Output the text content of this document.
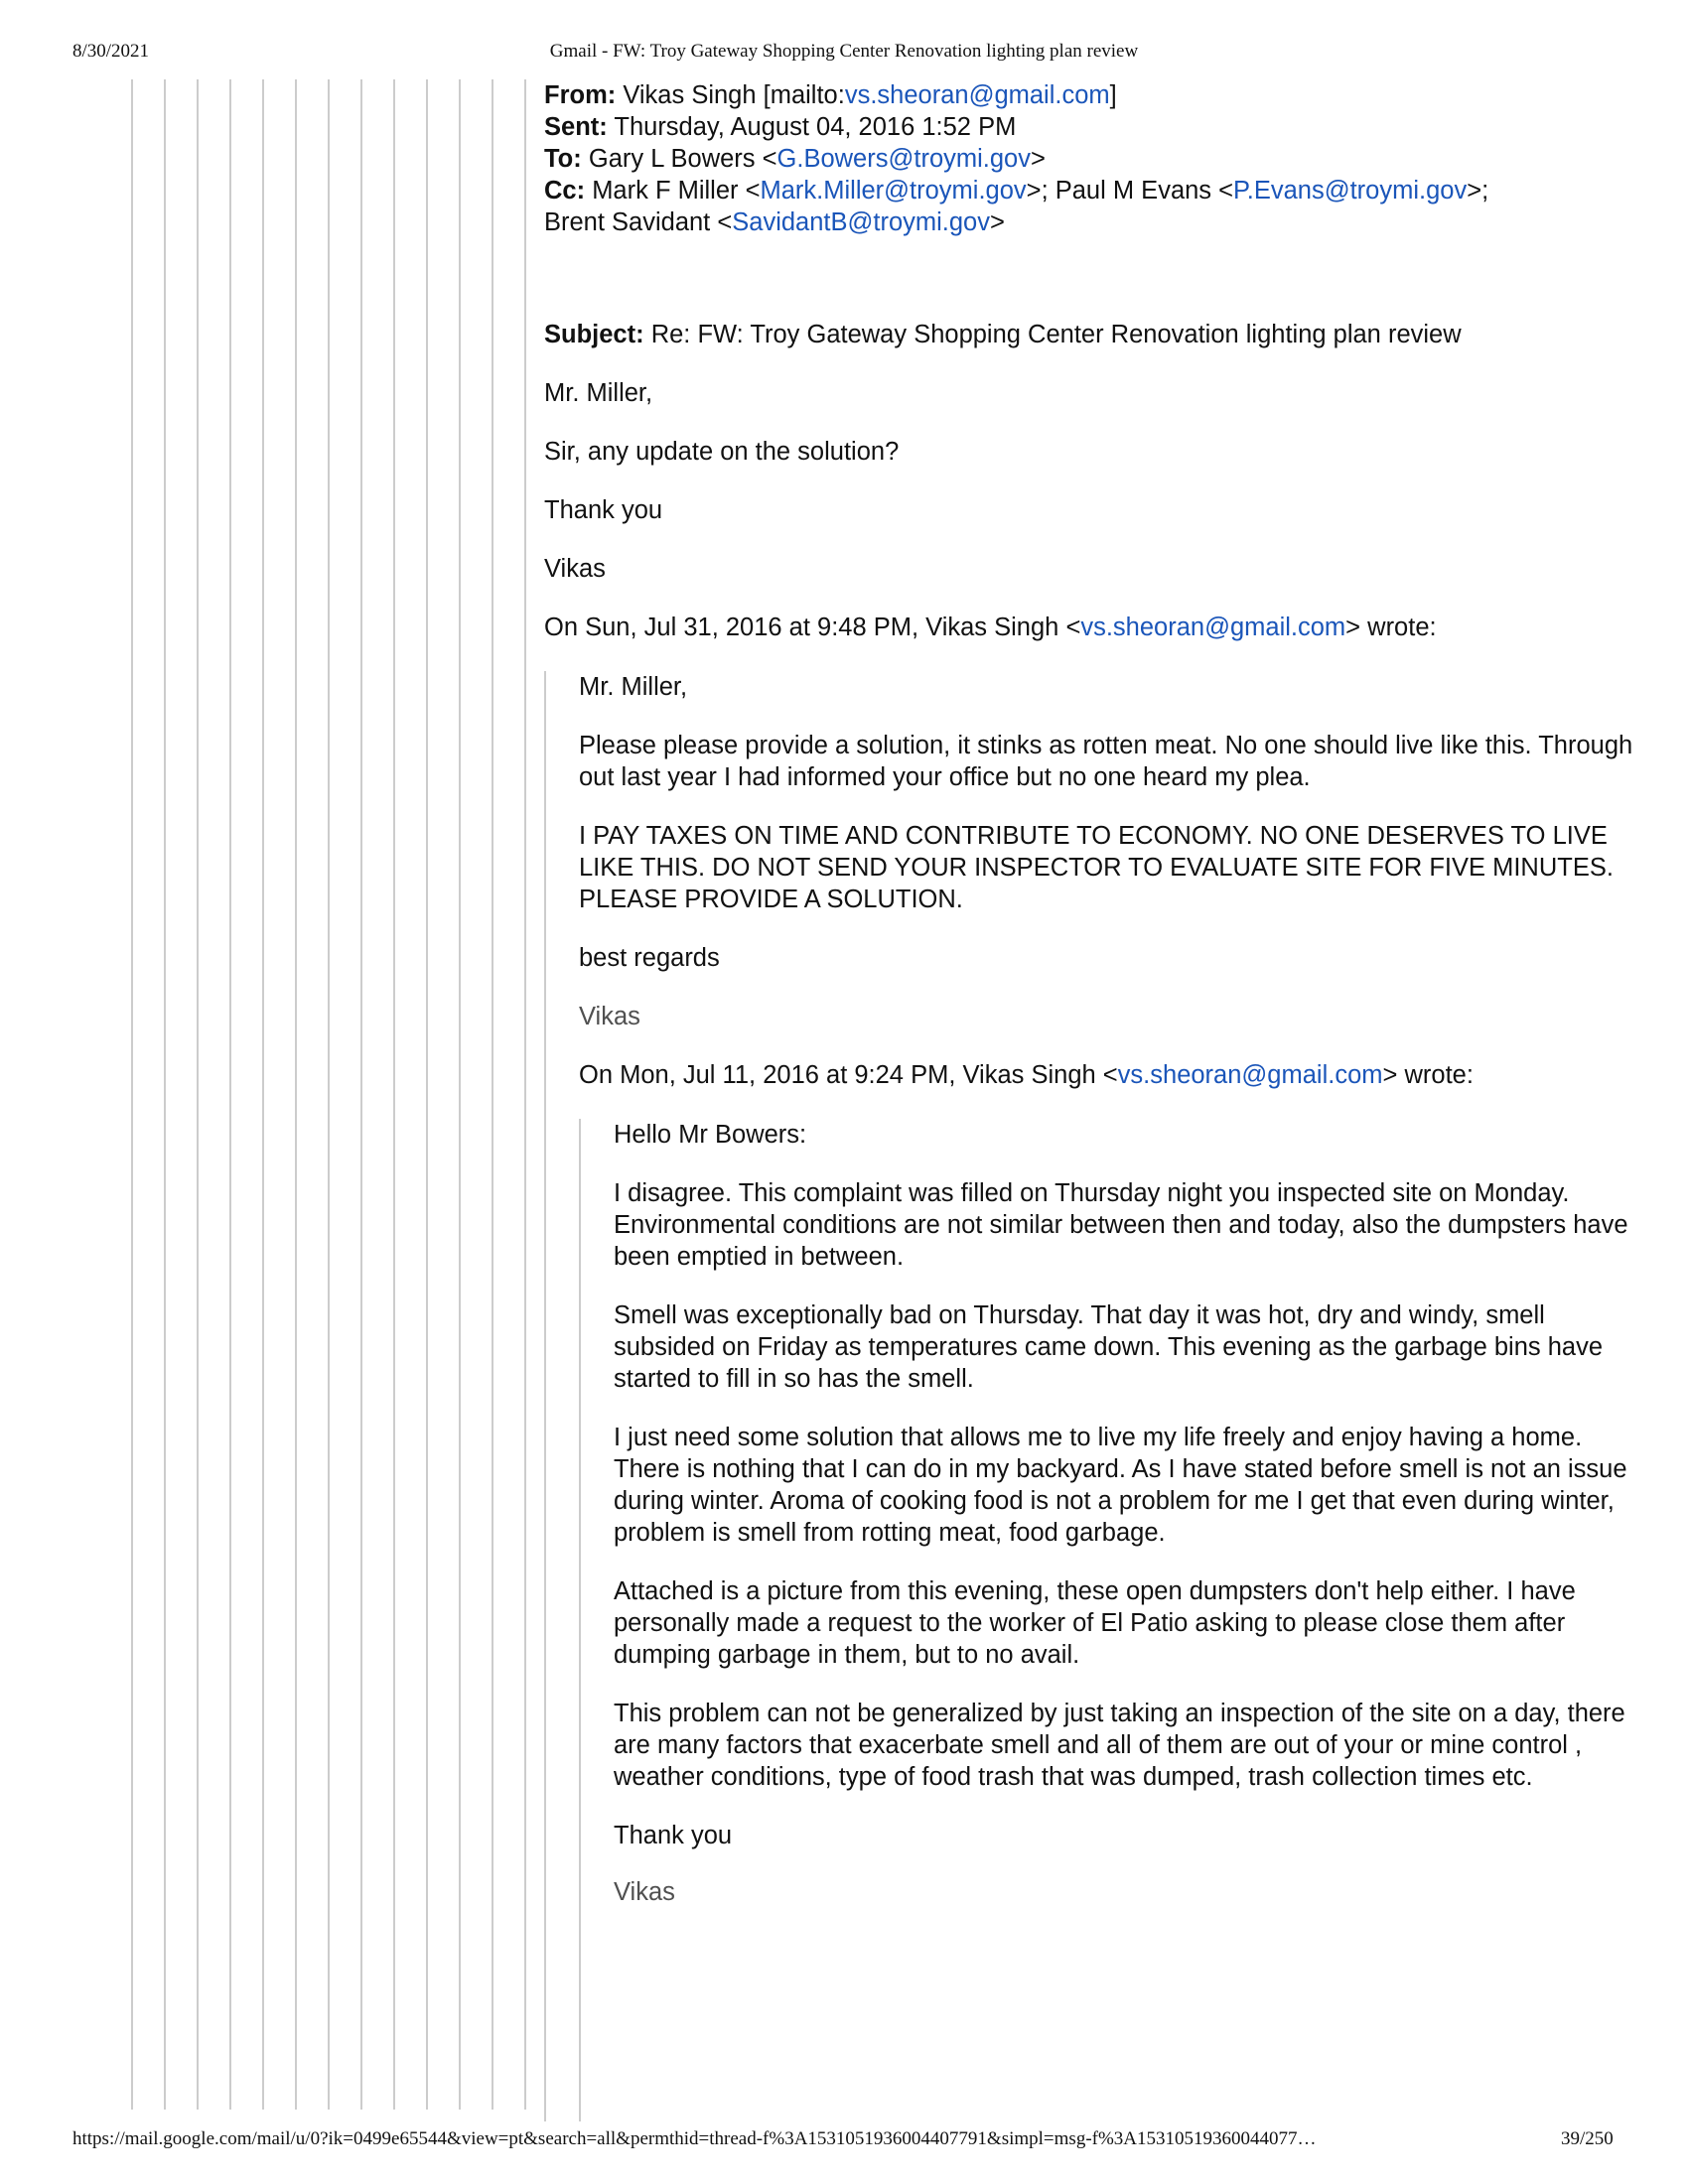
8/30/2021	Gmail - FW: Troy Gateway Shopping Center Renovation lighting plan review

From: Vikas Singh [mailto:vs.sheoran@gmail.com]

Sent: Thursday, August 04, 2016 1:52 PM

To: Gary L Bowers <G.Bowers@troymi.gov>

Cc: Mark F Miller <Mark.Miller@troymi.gov>; Paul M Evans <P.Evans@troymi.gov>;

Brent Savidant <SavidantB@troymi.gov>

Subject: Re: FW: Troy Gateway Shopping Center Renovation lighting plan review

Mr. Miller,

Sir, any update on the solution?

Thank you

Vikas

On Sun, Jul 31, 2016 at 9:48 PM, Vikas Singh <vs.sheoran@gmail.com> wrote:

Mr. Miller,

Please please provide a solution, it stinks as rotten meat. No one should live like this. Through out last year I had informed your office but no one heard my plea.

I PAY TAXES ON TIME AND CONTRIBUTE TO ECONOMY. NO ONE DESERVES TO LIVE LIKE THIS. DO NOT SEND YOUR INSPECTOR TO EVALUATE SITE FOR FIVE MINUTES. PLEASE PROVIDE A SOLUTION.

best regards

Vikas

On Mon, Jul 11, 2016 at 9:24 PM, Vikas Singh <vs.sheoran@gmail.com> wrote:

Hello Mr Bowers:

I disagree. This complaint was filled on Thursday night you inspected site on Monday. Environmental conditions are not similar between then and today, also the dumpsters have been emptied in between.

Smell was exceptionally bad on Thursday. That day it was hot, dry and windy, smell subsided on Friday as temperatures came down. This evening as the garbage bins have started to fill in so has the smell.

I just need some solution that allows me to live my life freely and enjoy having a home. There is nothing that I can do in my backyard. As I have stated before smell is not an issue during winter. Aroma of cooking food is not a problem for me I get that even during winter, problem is smell from rotting meat, food garbage.

Attached is a picture from this evening, these open dumpsters don't help either. I have personally made a request to the worker of El Patio asking to please close them after dumping garbage in them, but to no avail.

This problem can not be generalized by just taking an inspection of the site on a day, there are many factors that exacerbate smell and all of them are out of your or mine control , weather conditions, type of food trash that was dumped, trash collection times etc.

Thank you

Vikas

https://mail.google.com/mail/u/0?ik=0499e65544&view=pt&search=all&permthid=thread-f%3A1531051936004407791&simpl=msg-f%3A15310519360044077…	39/250
